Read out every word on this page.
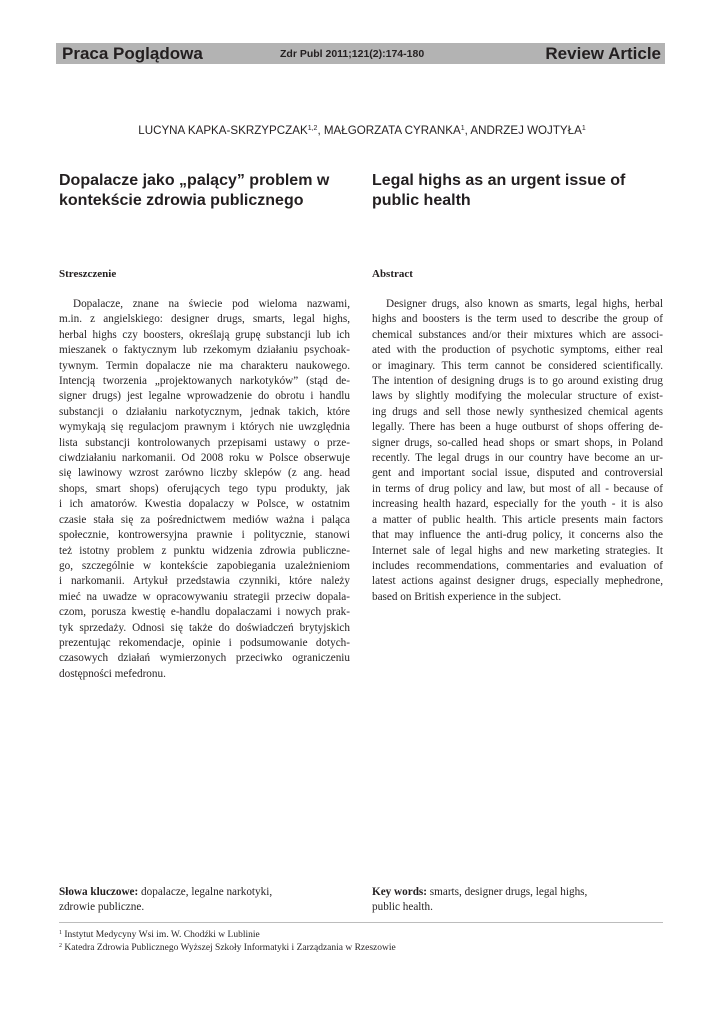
Praca Poglądowa	Zdr Publ 2011;121(2):174-180	Review Article
LUCYNA KAPKA-SKRZYPCZAK$^{1,2}$, MAŁGORZATA CYRANKA$^1$, ANDRZEJ WOJTYŁA$^1$
Dopalacze jako „palący” problem w kontekście zdrowia publicznego
Legal highs as an urgent issue of public health
Streszczenie	Abstract
Dopalacze, znane na świecie pod wieloma nazwami,
m.in. z angielskiego: designer drugs, smarts, legal highs,
herbal highs czy boosters, określają grupę substancji lub ich
mieszanek o faktycznym lub rzekomym działaniu psychoak-
tywnym. Termin dopalacze nie ma charakteru naukowego.
Intencją tworzenia „projektowanych narkotyków” (stąd de-
signer drugs) jest legalne wprowadzenie do obrotu i handlu
substancji o działaniu narkotycznym, jednak takich, które
wymykają się regulacjom prawnym i których nie uwzględnia
lista substancji kontrolowanych przepisami ustawy o prze-
ciwdziałaniu narkomanii. Od 2008 roku w Polsce obserwuje
się lawinowy wzrost zarówno liczby sklepów (z ang. head
shops, smart shops) oferujących tego typu produkty, jak
i ich amatorów. Kwestia dopalaczy w Polsce, w ostatnim
czasie stała się za pośrednictwem mediów ważna i paląca
społecznie, kontrowersyjna prawnie i politycznie, stanowi
też istotny problem z punktu widzenia zdrowia publiczne-
go, szczególnie w kontekście zapobiegania uzależnieniom
i narkomanii. Artykuł przedstawia czynniki, które należy
mieć na uwadze w opracowywaniu strategii przeciw dopala-
czom, porusza kwestię e-handlu dopalaczami i nowych prak-
tyk sprzedaży. Odnosi się także do doświadczeń brytyjskich
prezentując rekomendacje, opinie i podsumowanie dotych-
czasowych działań wymierzonych przeciwko ograniczeniu
dostępności mefedronu.
Designer drugs, also known as smarts, legal highs, herbal
highs and boosters is the term used to describe the group of
chemical substances and/or their mixtures which are associ-
ated with the production of psychotic symptoms, either real
or imaginary. This term cannot be considered scientifically.
The intention of designing drugs is to go around existing drug
laws by slightly modifying the molecular structure of exist-
ing drugs and sell those newly synthesized chemical agents
legally. There has been a huge outburst of shops offering de-
signer drugs, so-called head shops or smart shops, in Poland
recently. The legal drugs in our country have become an ur-
gent and important social issue, disputed and controversial
in terms of drug policy and law, but most of all - because of
increasing health hazard, especially for the youth - it is also
a matter of public health. This article presents main factors
that may influence the anti-drug policy, it concerns also the
Internet sale of legal highs and new marketing strategies. It
includes recommendations, commentaries and evaluation of
latest actions against designer drugs, especially mephedrone,
based on British experience in the subject.
Słowa kluczowe: dopalacze, legalne narkotyki,
zdrowie publiczne.
Key words: smarts, designer drugs, legal highs,
public health.
$^1$ Instytut Medycyny Wsi im. W. Chodźki w Lublinie
$^2$ Katedra Zdrowia Publicznego Wyższej Szkoły Informatyki i Zarządzania w Rzeszowie
